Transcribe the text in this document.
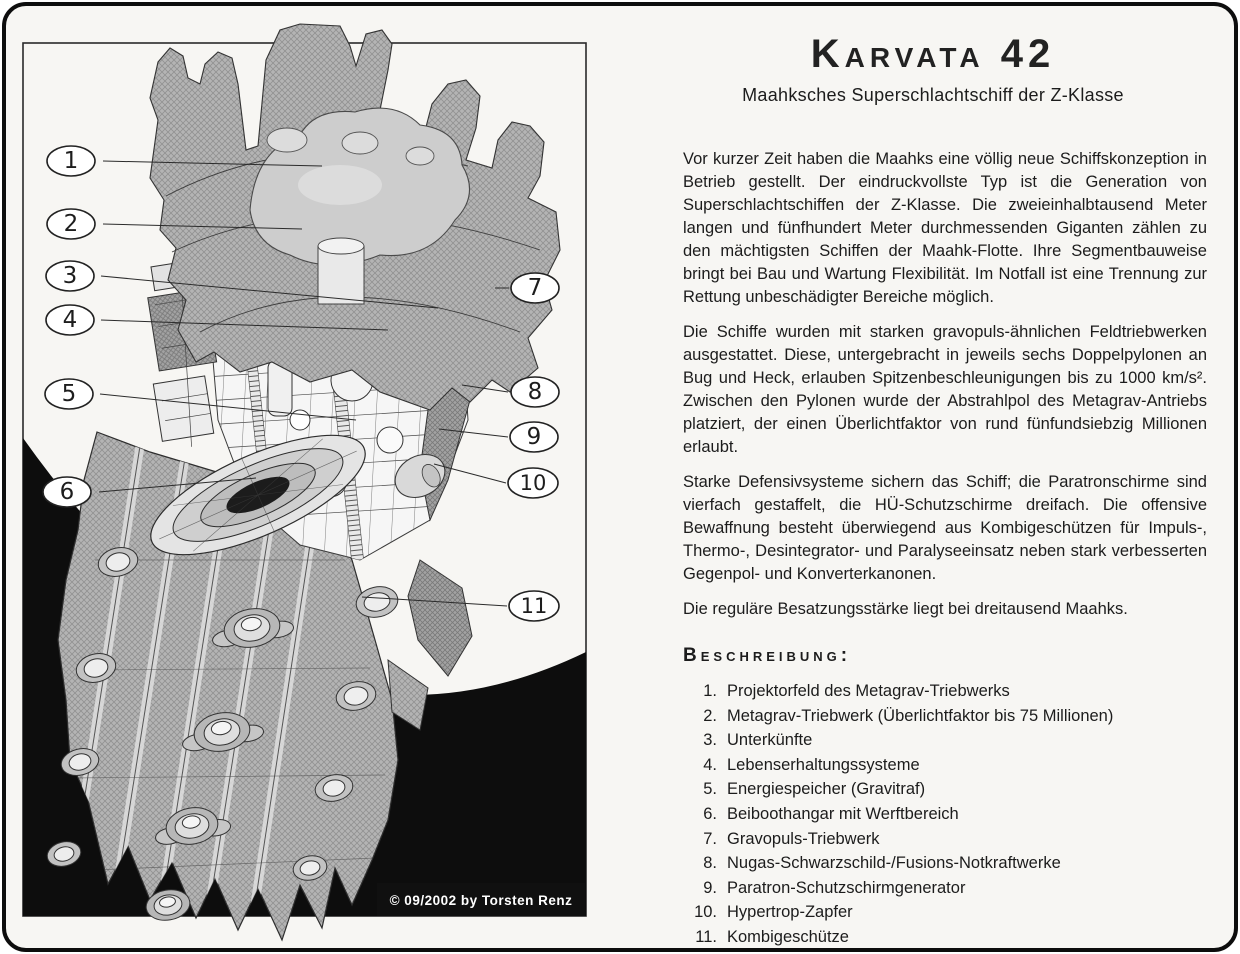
1
2
3
4
5
6
7
8
9
10
11
© 09/2002 by Torsten Renz
Karvata 42
Maahksches Superschlachtschiff der Z-Klasse

Vor kurzer Zeit haben die Maahks eine völlig neue Schiffskonzeption in Betrieb gestellt. Der eindruckvollste Typ ist die Generation von Superschlachtschiffen der Z-Klasse. Die zweieinhalbtausend Meter langen und fünfhundert Meter durchmessenden Giganten zählen zu den mächtigsten Schiffen der Maahk-Flotte. Ihre Segmentbauweise bringt bei Bau und Wartung Flexibilität. Im Notfall ist eine Trennung zur Rettung unbeschädigter Bereiche möglich.

Die Schiffe wurden mit starken gravopuls-ähnlichen Feldtriebwerken ausgestattet. Diese, untergebracht in jeweils sechs Doppelpylonen an Bug und Heck, erlauben Spitzenbeschleunigungen bis zu 1000 km/s². Zwischen den Pylonen wurde der Abstrahlpol des Metagrav-Antriebs platziert, der einen Überlichtfaktor von rund fünfundsiebzig Millionen erlaubt.

Starke Defensivsysteme sichern das Schiff; die Paratronschirme sind vierfach gestaffelt, die HÜ-Schutzschirme dreifach. Die offensive Bewaffnung besteht überwiegend aus Kombigeschützen für Impuls-, Thermo-, Desintegrator- und Paralyseeinsatz neben stark verbesserten Gegenpol- und Konverterkanonen.

Die reguläre Besatzungsstärke liegt bei dreitausend Maahks.

Beschreibung:
1. Projektorfeld des Metagrav-Triebwerks
2. Metagrav-Triebwerk (Überlichtfaktor bis 75 Millionen)
3. Unterkünfte
4. Lebenserhaltungssysteme
5. Energiespeicher (Gravitraf)
6. Beiboothangar mit Werftbereich
7. Gravopuls-Triebwerk
8. Nugas-Schwarzschild-/Fusions-Notkraftwerke
9. Paratron-Schutzschirmgenerator
10. Hypertrop-Zapfer
11. Kombigeschütze
